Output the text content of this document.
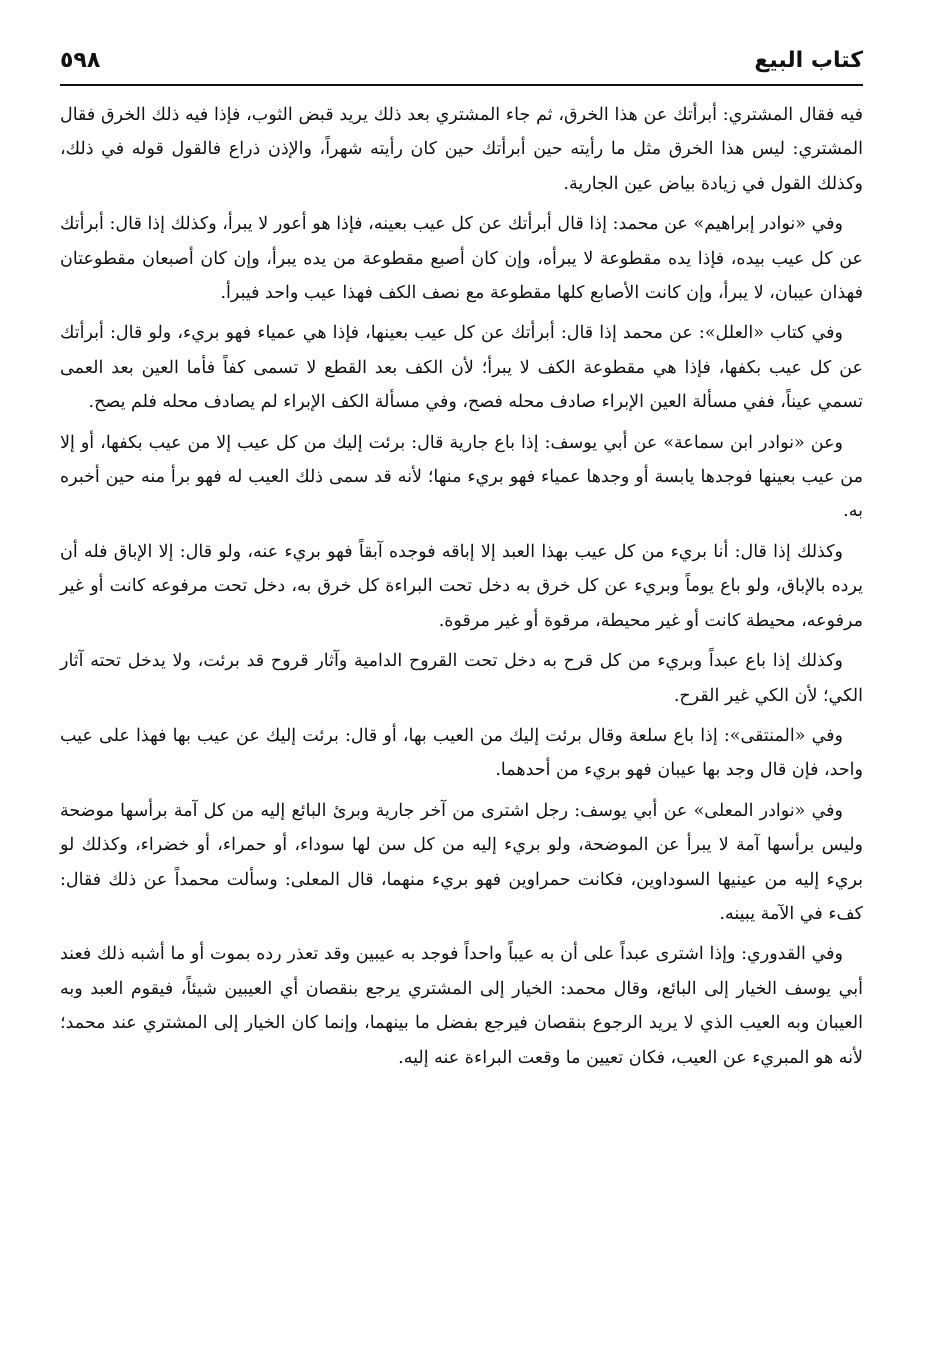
كتاب البيع
٥٩٨

فيه فقال المشتري: أبرأتك عن هذا الخرق، ثم جاء المشتري بعد ذلك يريد قبض الثوب، فإذا فيه ذلك الخرق فقال المشتري: ليس هذا الخرق مثل ما رأيته حين أبرأتك حين كان رأيته شهراً، والإذن ذراع فالقول قوله في ذلك، وكذلك القول في زيادة بياض عين الجارية.

وفي «نوادر إبراهيم» عن محمد: إذا قال أبرأتك عن كل عيب بعينه، فإذا هو أعور لا يبرأ، وكذلك إذا قال: أبرأتك عن كل عيب بيده، فإذا يده مقطوعة لا يبرأه، وإن كان أصبع مقطوعة من يده يبرأ، وإن كان أصبعان مقطوعتان فهذان عيبان، لا يبرأ، وإن كانت الأصابع كلها مقطوعة مع نصف الكف فهذا عيب واحد فيبرأ.

وفي كتاب «العلل»: عن محمد إذا قال: أبرأتك عن كل عيب بعينها، فإذا هي عمياء فهو بريء، ولو قال: أبرأتك عن كل عيب بكفها، فإذا هي مقطوعة الكف لا يبرأ؛ لأن الكف بعد القطع لا تسمى كفاً فأما العين بعد العمى تسمي عيناً، ففي مسألة العين الإبراء صادف محله فصح، وفي مسألة الكف الإبراء لم يصادف محله فلم يصح.

وعن «نوادر ابن سماعة» عن أبي يوسف: إذا باع جارية قال: برئت إليك من كل عيب إلا من عيب بكفها، أو إلا من عيب بعينها فوجدها يابسة أو وجدها عمياء فهو بريء منها؛ لأنه قد سمى ذلك العيب له فهو برأ منه حين أخبره به.

وكذلك إذا قال: أنا بريء من كل عيب بهذا العبد إلا إباقه فوجده آبقاً فهو بريء عنه، ولو قال: إلا الإباق فله أن يرده بالإباق، ولو باع يوماً وبريء عن كل خرق به دخل تحت البراءة كل خرق به، دخل تحت مرفوعه كانت أو غير مرفوعه، محيطة كانت أو غير محيطة، مرقوة أو غير مرقوة.

وكذلك إذا باع عبداً وبريء من كل قرح به دخل تحت القروح الدامية وآثار قروح قد برئت، ولا يدخل تحته آثار الكي؛ لأن الكي غير القرح.

وفي «المنتقى»: إذا باع سلعة وقال برئت إليك من العيب بها، أو قال: برئت إليك عن عيب بها فهذا على عيب واحد، فإن قال وجد بها عيبان فهو بريء من أحدهما.

وفي «نوادر المعلى» عن أبي يوسف: رجل اشترى من آخر جارية وبرئ البائع إليه من كل آمة برأسها موضحة وليس برأسها آمة لا يبرأ عن الموضحة، ولو بريء إليه من كل سن لها سوداء، أو حمراء، أو خضراء، وكذلك لو بريء إليه من عينيها السوداوين، فكانت حمراوين فهو بريء منهما، قال المعلى: وسألت محمداً عن ذلك فقال: كفء في الآمة يبينه.

وفي القدوري: وإذا اشترى عبداً على أن به عيباً واحداً فوجد به عيبين وقد تعذر رده بموت أو ما أشبه ذلك فعند أبي يوسف الخيار إلى البائع، وقال محمد: الخيار إلى المشتري يرجع بنقصان أي العيبين شيئاً، فيقوم العبد وبه العيبان وبه العيب الذي لا يريد الرجوع بنقصان فيرجع بفضل ما بينهما، وإنما كان الخيار إلى المشتري عند محمد؛ لأنه هو المبريء عن العيب، فكان تعيين ما وقعت البراءة عنه إليه.
